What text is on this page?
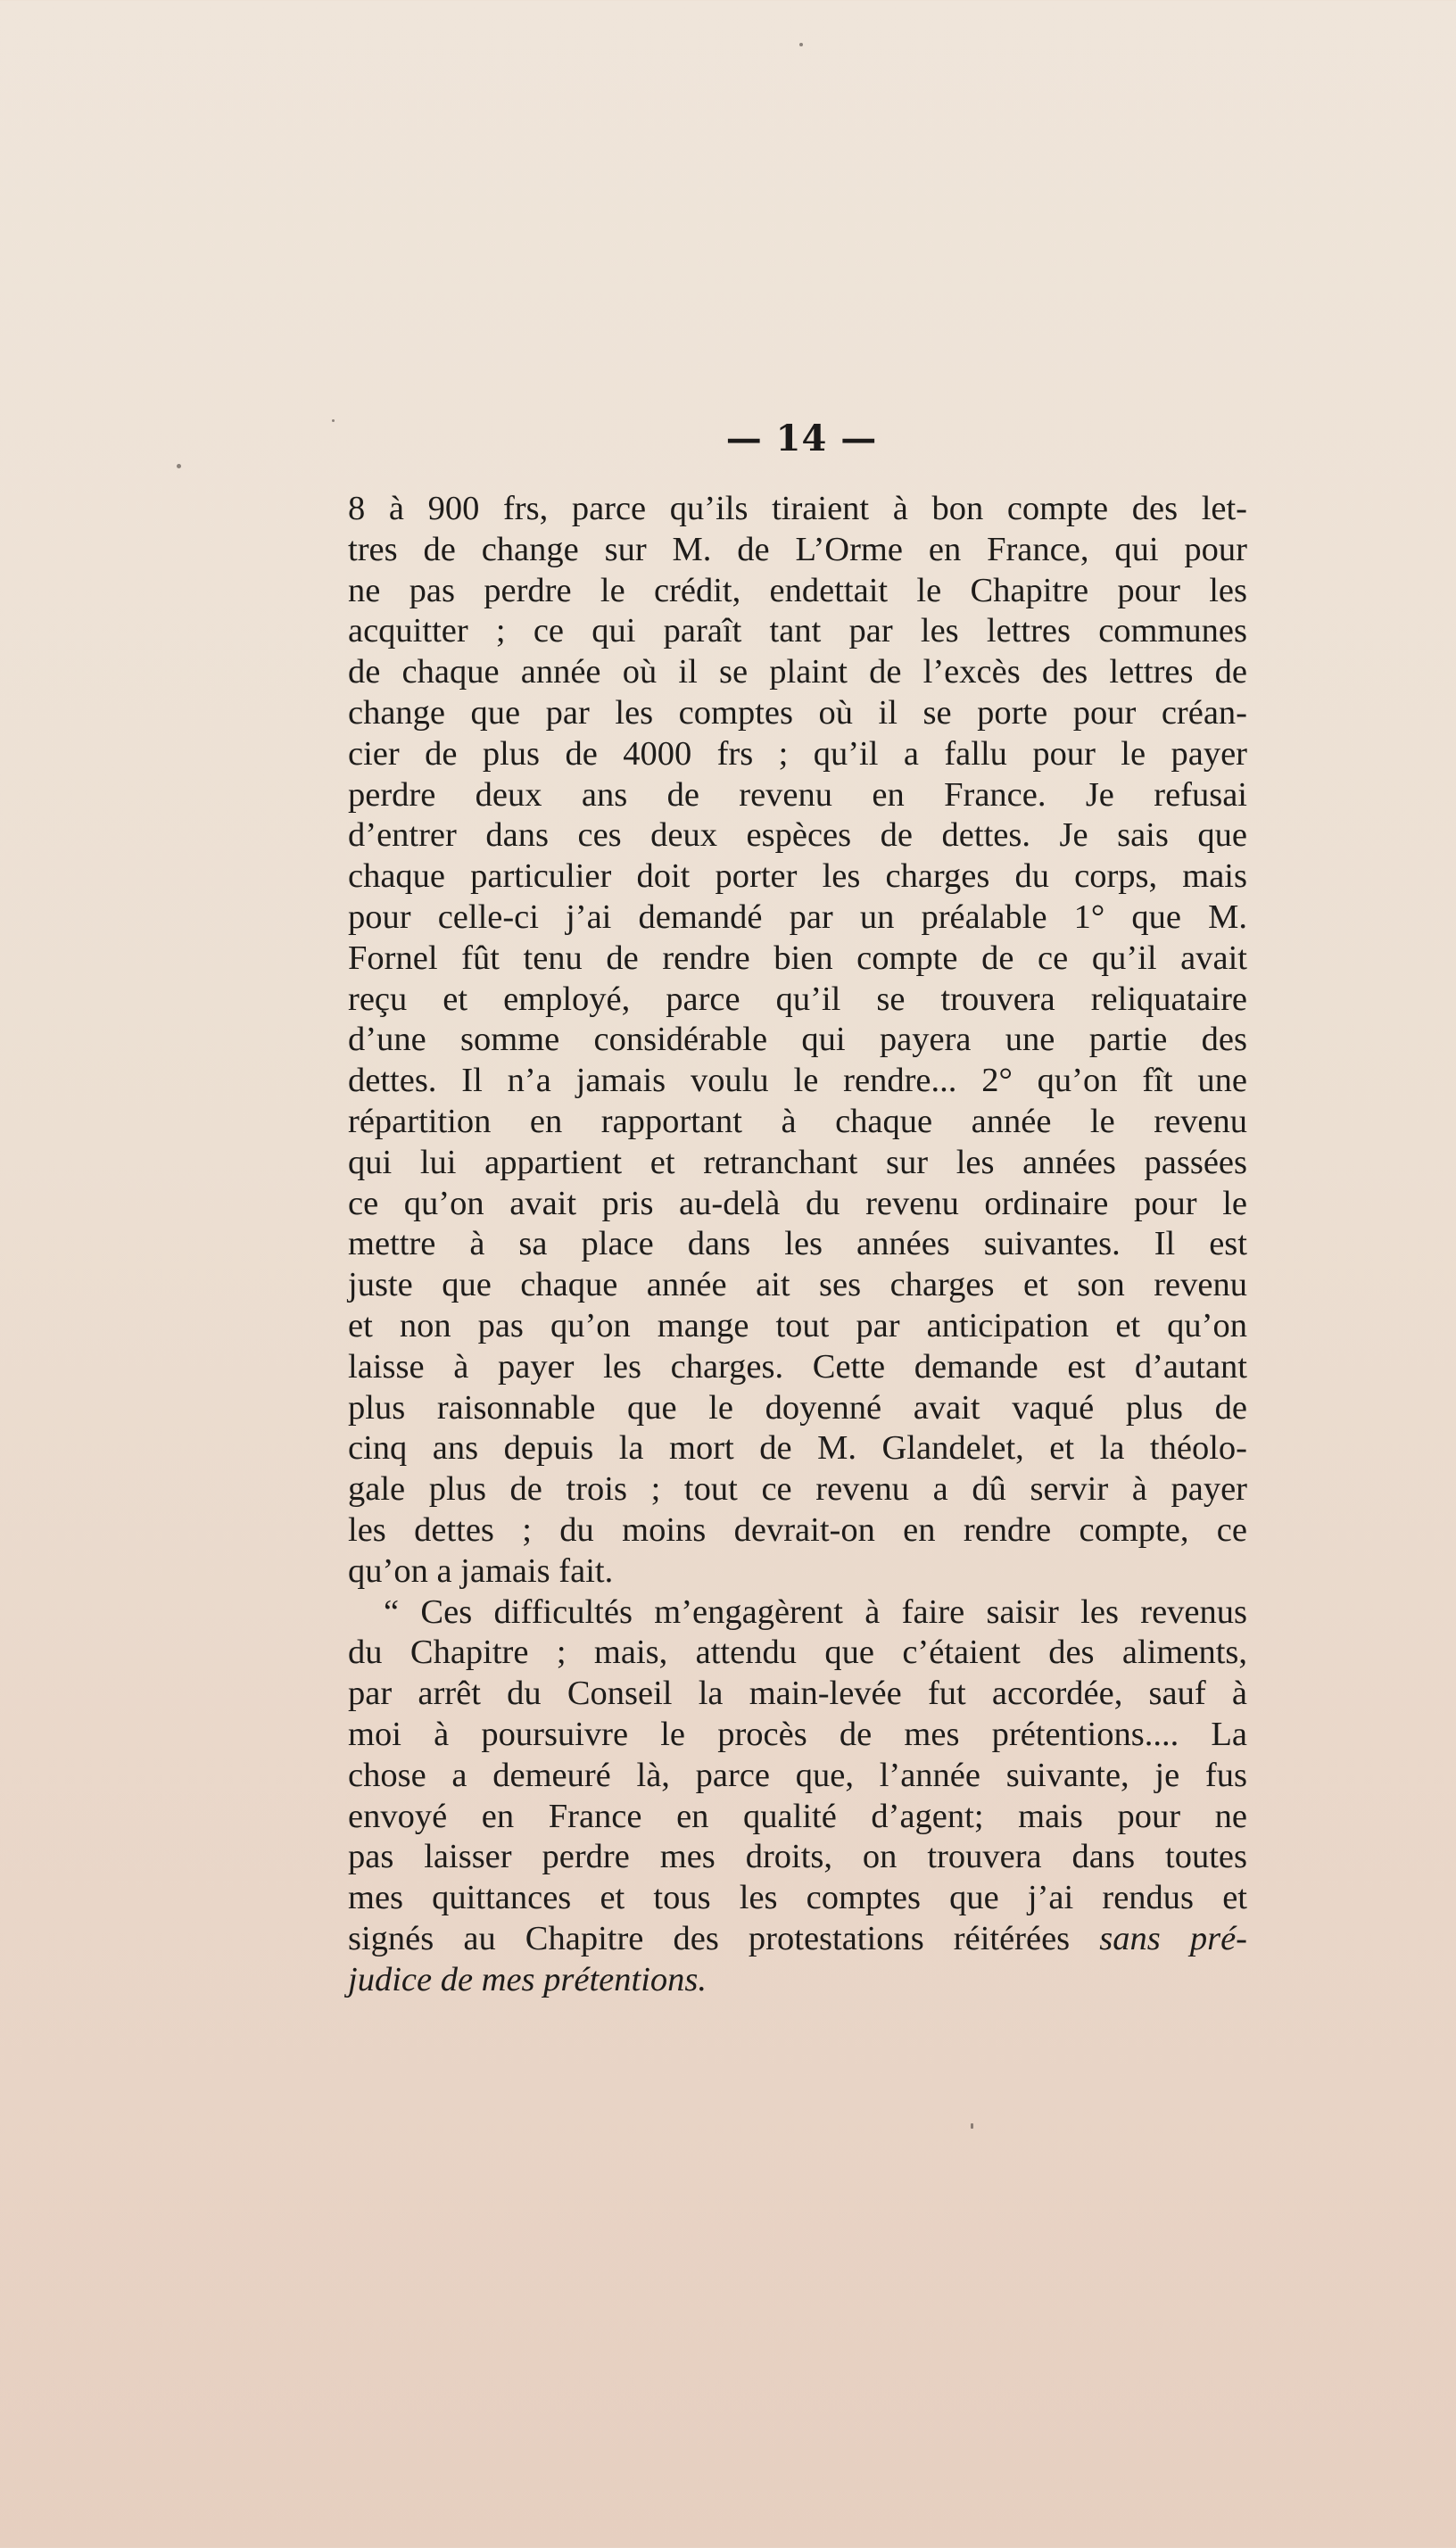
— 14 —
8 à 900 frs, parce qu’ils tiraient à bon compte des let-
tres de change sur M. de L’Orme en France, qui pour
ne pas perdre le crédit, endettait le Chapitre pour les
acquitter ; ce qui paraît tant par les lettres communes
de chaque année où il se plaint de l’excès des lettres de
change que par les comptes où il se porte pour créan-
cier de plus de 4000 frs ; qu’il a fallu pour le payer
perdre deux ans de revenu en France. Je refusai
d’entrer dans ces deux espèces de dettes. Je sais que
chaque particulier doit porter les charges du corps, mais
pour celle-ci j’ai demandé par un préalable 1° que M.
Fornel fût tenu de rendre bien compte de ce qu’il avait
reçu et employé, parce qu’il se trouvera reliquataire
d’une somme considérable qui payera une partie des
dettes. Il n’a jamais voulu le rendre... 2° qu’on fît une
répartition en rapportant à chaque année le revenu
qui lui appartient et retranchant sur les années passées
ce qu’on avait pris au-delà du revenu ordinaire pour le
mettre à sa place dans les années suivantes. Il est
juste que chaque année ait ses charges et son revenu
et non pas qu’on mange tout par anticipation et qu’on
laisse à payer les charges. Cette demande est d’autant
plus raisonnable que le doyenné avait vaqué plus de
cinq ans depuis la mort de M. Glandelet, et la théolo-
gale plus de trois ; tout ce revenu a dû servir à payer
les dettes ; du moins devrait-on en rendre compte, ce
qu’on a jamais fait.
“ Ces difficultés m’engagèrent à faire saisir les revenus
du Chapitre ; mais, attendu que c’étaient des aliments,
par arrêt du Conseil la main-levée fut accordée, sauf à
moi à poursuivre le procès de mes prétentions.... La
chose a demeuré là, parce que, l’année suivante, je fus
envoyé en France en qualité d’agent; mais pour ne
pas laisser perdre mes droits, on trouvera dans toutes
mes quittances et tous les comptes que j’ai rendus et
signés au Chapitre des protestations réitérées sans pré-
judice de mes prétentions.
